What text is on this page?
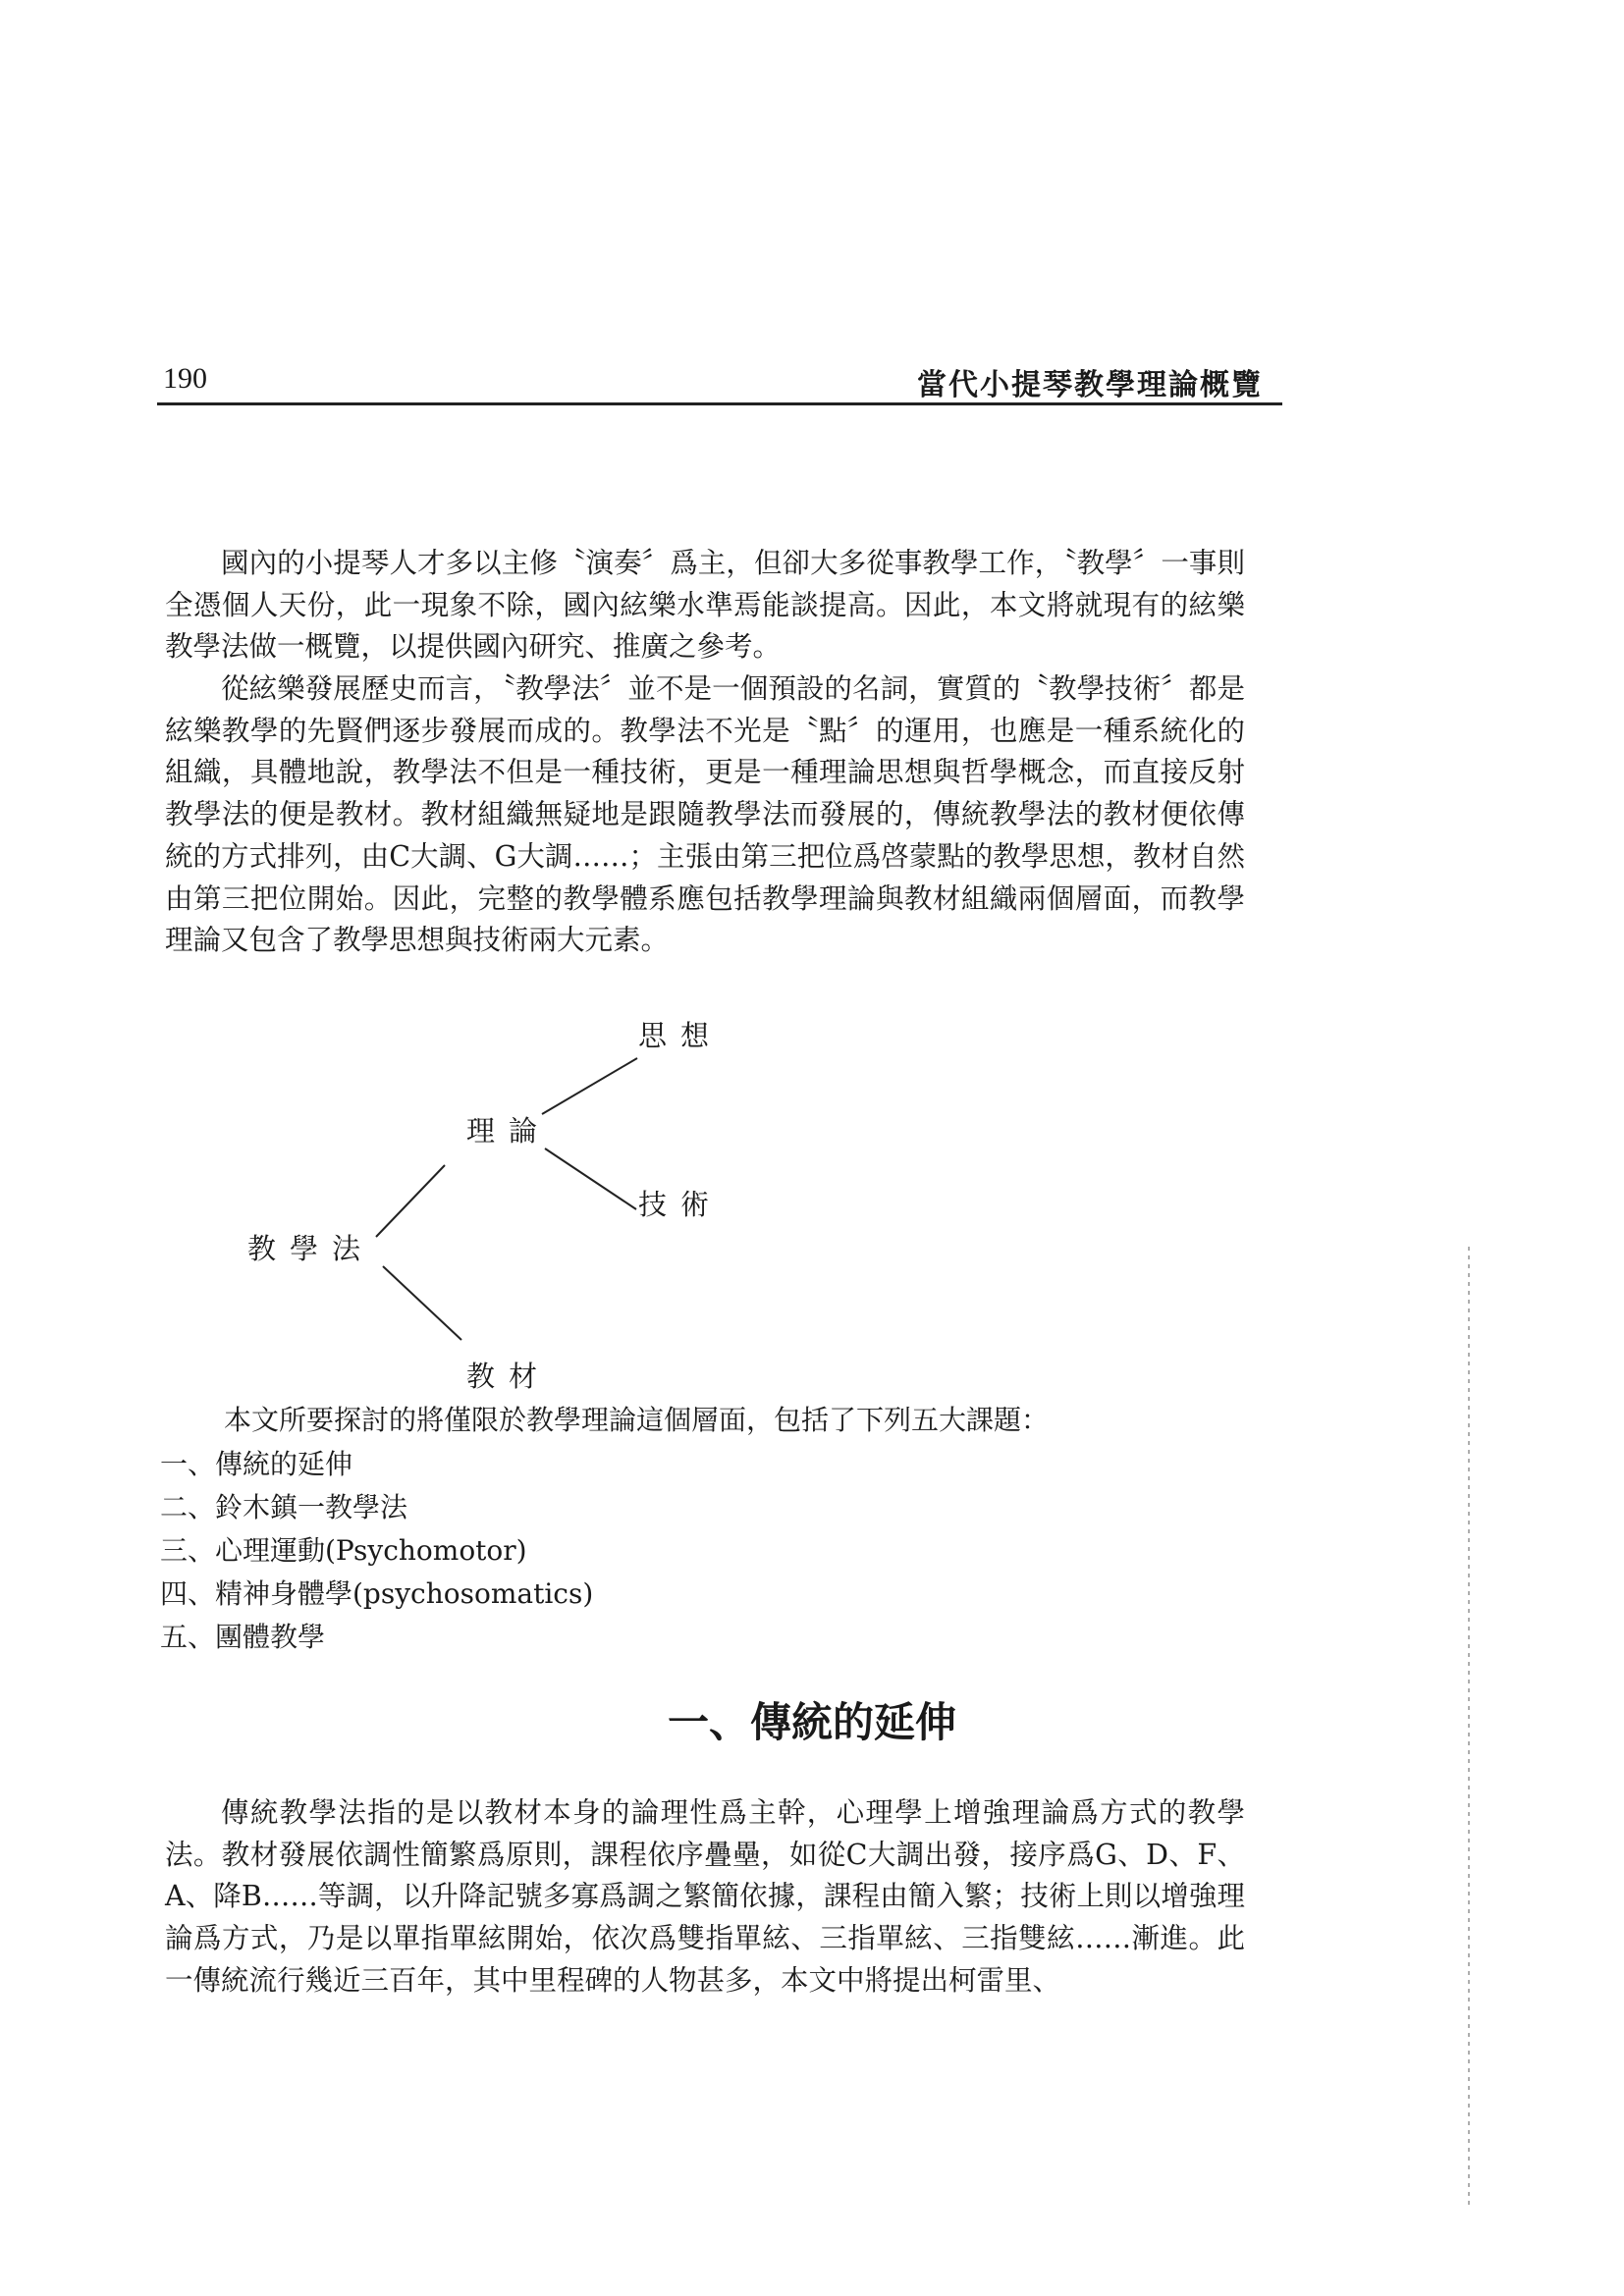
190	當代小提琴教學理論概覽

國內的小提琴人才多以主修〝演奏〞爲主，但卻大多從事教學工作，〝教學〞一事則全憑個人天份，此一現象不除，國內絃樂水準焉能談提高。因此，本文將就現有的絃樂教學法做一概覽，以提供國內研究、推廣之參考。

從絃樂發展歷史而言，〝教學法〞並不是一個預設的名詞，實質的〝教學技術〞都是絃樂教學的先賢們逐步發展而成的。教學法不光是〝點〞的運用，也應是一種系統化的組織，具體地說，教學法不但是一種技術，更是一種理論思想與哲學概念，而直接反射教學法的便是教材。教材組織無疑地是跟隨教學法而發展的，傳統教學法的教材便依傳統的方式排列，由C大調、G大調……；主張由第三把位爲啓蒙點的教學思想，教材自然由第三把位開始。因此，完整的教學體系應包括教學理論與教材組織兩個層面，而教學理論又包含了教學思想與技術兩大元素。

思想
理論
技術
教學法
教材
本文所要探討的將僅限於教學理論這個層面，包括了下列五大課題：
一、傳統的延伸
二、鈴木鎮一教學法
三、心理運動(Psychomotor)
四、精神身體學(psychosomatics)
五、團體教學
一、傳統的延伸

傳統教學法指的是以教材本身的論理性爲主幹，心理學上增強理論爲方式的教學法。教材發展依調性簡繁爲原則，課程依序疊壘，如從C大調出發，接序爲G、D、F、A、降B……等調，以升降記號多寡爲調之繁簡依據，課程由簡入繁；技術上則以增強理論爲方式，乃是以單指單絃開始，依次爲雙指單絃、三指單絃、三指雙絃……漸進。此一傳統流行幾近三百年，其中里程碑的人物甚多，本文中將提出柯雷里、
